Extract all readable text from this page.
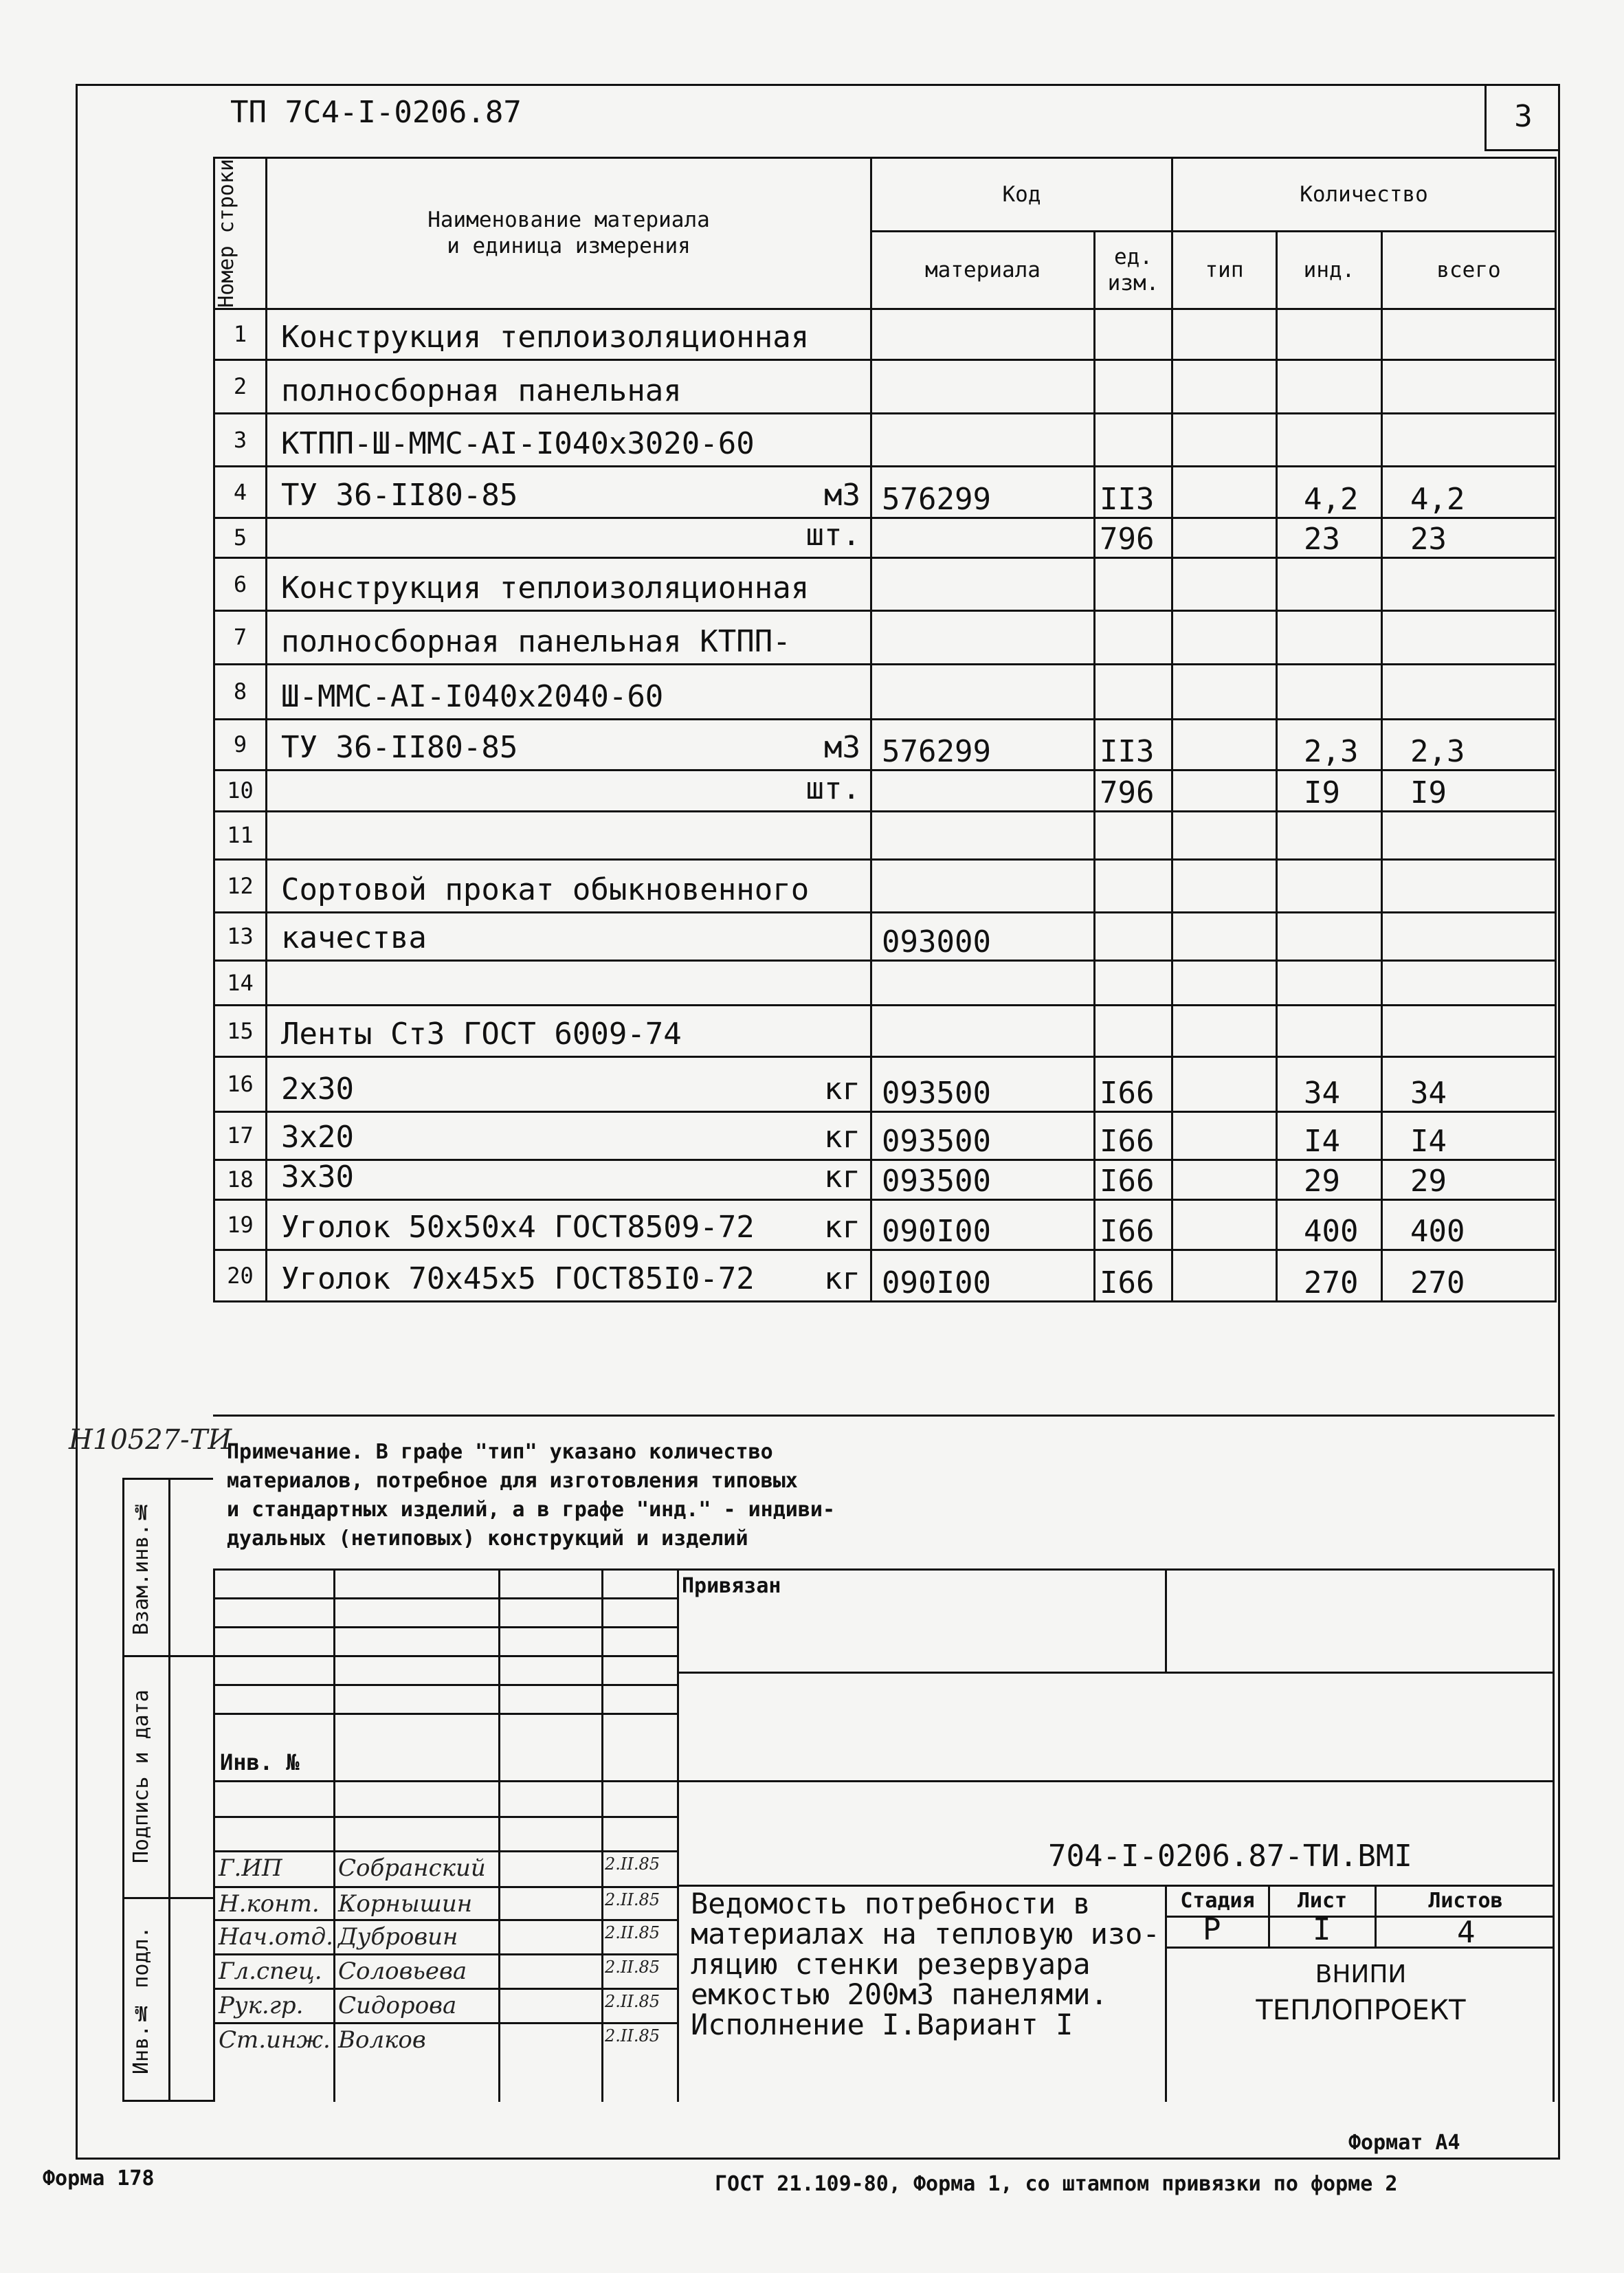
ТП 7С4-I-0206.87	3
Номер строки	Наименование материала
и единица измерения	Код		Количество		
		материала	ед. изм.	тип	инд.	всего
1	Конструкция теплоизоляционная					

2	полносборная панельная					

3	КТПП-Ш-ММС-АI-I040х3020-60					

4	ТУ 36-II80-85 м3	576299	II3		4,2	4,2
5	шт.		796		23	23
6	Конструкция теплоизоляционная					

7	полносборная панельная КТПП-					

8	Ш-ММС-АI-I040х2040-60					

9	ТУ 36-II80-85 м3	576299	II3		2,3	2,3
10	шт.		796		I9	I9
11	

12	Сортовой прокат обыкновенного					

13	качества	093000				
14	

15	Ленты Ст3 ГОСТ 6009-74					

16	2х30 кг	093500	I66		34	34
17	3х20 кг	093500	I66		I4	I4
18	3х30 кг	093500	I66		29	29
19	Уголок 50х50х4 ГОСТ8509-72 кг	090I00	I66		400	400
20	Уголок 70х45х5 ГОСТ85I0-72 кг	090I00	I66		270	270
Примечание. В графе "тип" указано количество
материалов, потребное для изготовления типовых
и стандартных изделий, а в графе "инд." - индиви-
дуальных (нетиповых) конструкций и изделий
Взам.инв.№
Подпись и дата
Инв.№ подл.
Н10527-ТИ
Привязан
Инв. №
704-I-0206.87-ТИ.ВМI
Ведомость потребности в
материалах на тепловую изо-
ляцию стенки резервуара
емкостью 200м3 панелями.
Исполнение I.Вариант I
Стадия	Лист	Листов
Р	I	4
ВНИПИ
ТЕПЛОПРОЕКТ
Г.ИП Собранский	2.II.85
Н.конт. Корнышин	2.II.85
Нач.отд. Дубровин	2.II.85
Гл.спец. Соловьева	2.II.85
Рук.гр. Сидорова	2.II.85
Ст.инж. Волков	2.II.85
Формат А4
Форма 178	ГОСТ 21.109-80, Форма 1, со штампом привязки по форме 2
